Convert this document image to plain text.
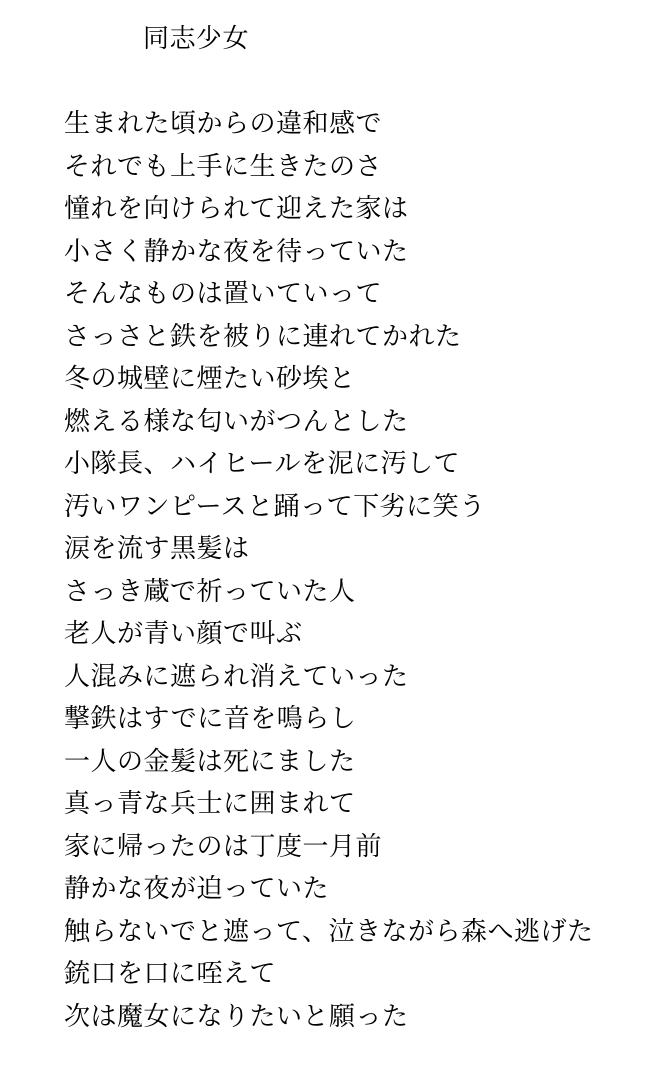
同志少女

生まれた頃からの違和感で

それでも上手に生きたのさ

憧れを向けられて迎えた家は

小さく静かな夜を待っていた

そんなものは置いていって

さっさと鉄を被りに連れてかれた

冬の城壁に煙たい砂埃と

燃える様な匂いがつんとした

小隊長、ハイヒールを泥に汚して

汚いワンピースと踊って下劣に笑う

涙を流す黒髪は

さっき蔵で祈っていた人

老人が青い顔で叫ぶ

人混みに遮られ消えていった

撃鉄はすでに音を鳴らし

一人の金髪は死にました

真っ青な兵士に囲まれて

家に帰ったのは丁度一月前

静かな夜が迫っていた

触らないでと遮って、泣きながら森へ逃げた

銃口を口に咥えて

次は魔女になりたいと願った
